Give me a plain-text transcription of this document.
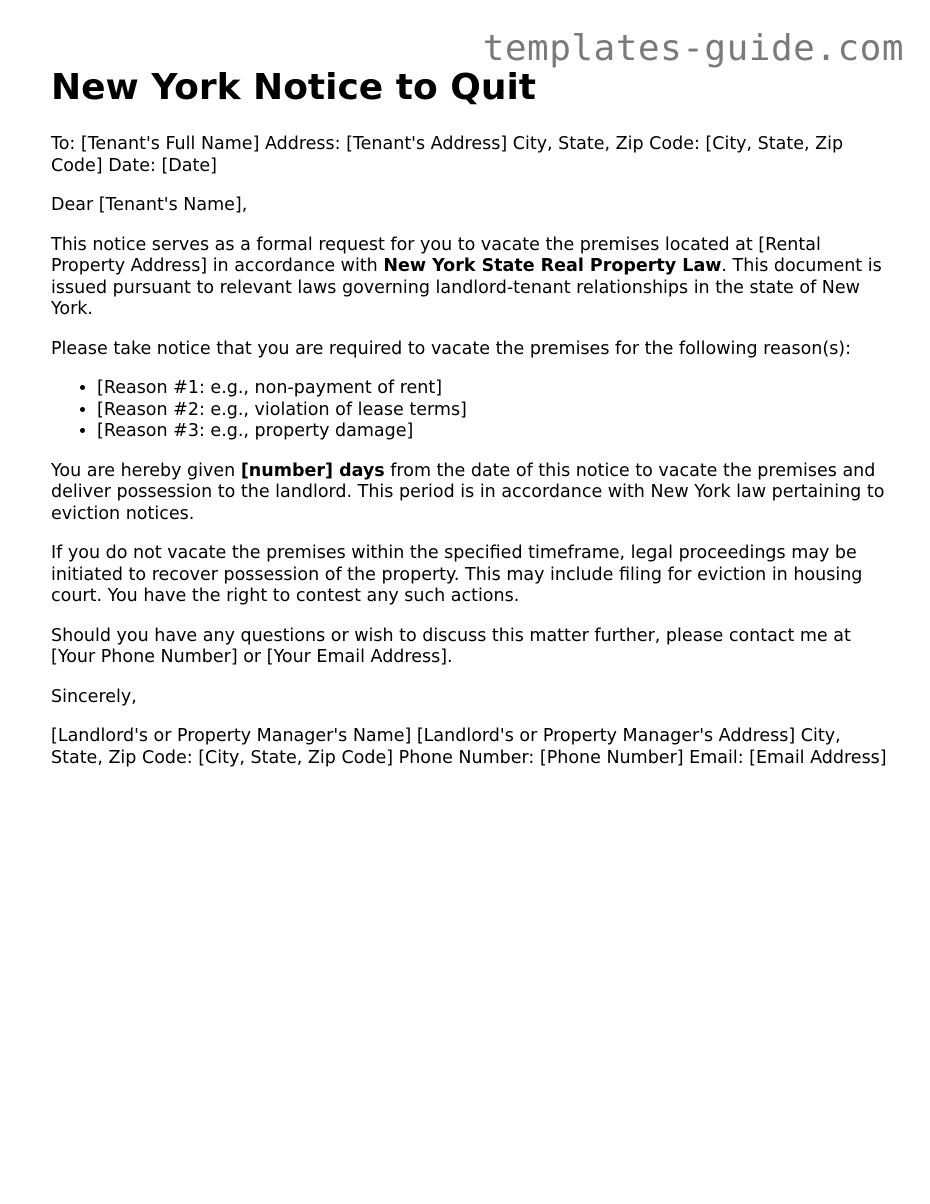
templates-guide.com
New York Notice to Quit

To: [Tenant's Full Name] Address: [Tenant's Address] City, State, Zip Code: [City, State, Zip Code] Date: [Date]

Dear [Tenant's Name],

This notice serves as a formal request for you to vacate the premises located at [Rental Property Address] in accordance with New York State Real Property Law. This document is issued pursuant to relevant laws governing landlord-tenant relationships in the state of New York.

Please take notice that you are required to vacate the premises for the following reason(s):

• [Reason #1: e.g., non-payment of rent]
• [Reason #2: e.g., violation of lease terms]
• [Reason #3: e.g., property damage]

You are hereby given [number] days from the date of this notice to vacate the premises and deliver possession to the landlord. This period is in accordance with New York law pertaining to eviction notices.

If you do not vacate the premises within the specified timeframe, legal proceedings may be initiated to recover possession of the property. This may include filing for eviction in housing court. You have the right to contest any such actions.

Should you have any questions or wish to discuss this matter further, please contact me at [Your Phone Number] or [Your Email Address].

Sincerely,

[Landlord's or Property Manager's Name] [Landlord's or Property Manager's Address] City, State, Zip Code: [City, State, Zip Code] Phone Number: [Phone Number] Email: [Email Address]
